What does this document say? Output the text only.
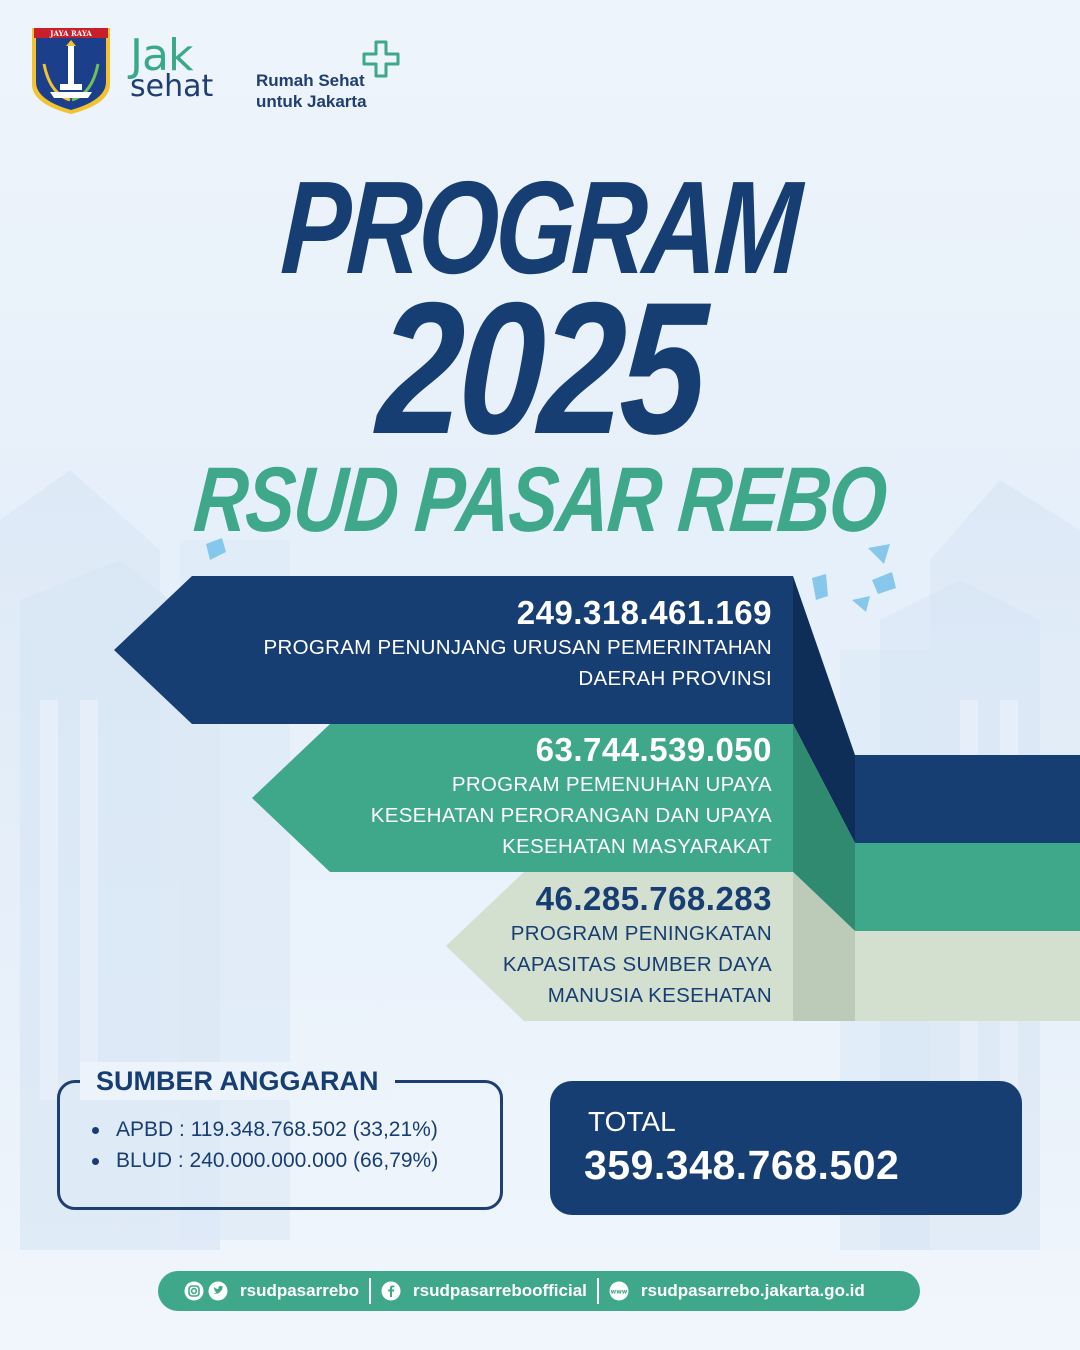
JAYA RAYA Jak
sehat	Rumah Sehat
untuk Jakarta
PROGRAM
2025
RSUD PASAR REBO
249.318.461.169
PROGRAM PENUNJANG URUSAN PEMERINTAHAN
DAERAH PROVINSI
63.744.539.050
PROGRAM PEMENUHAN UPAYA
KESEHATAN PERORANGAN DAN UPAYA
KESEHATAN MASYARAKAT
46.285.768.283
PROGRAM PENINGKATAN
KAPASITAS SUMBER DAYA
MANUSIA KESEHATAN
SUMBER ANGGARAN
APBD : 119.348.768.502 (33,21%)
BLUD : 240.000.000.000 (66,79%)
TOTAL
359.348.768.502
rsudpasarrebo	rsudpasarreboofficial	www rsudpasarrebo.jakarta.go.id
